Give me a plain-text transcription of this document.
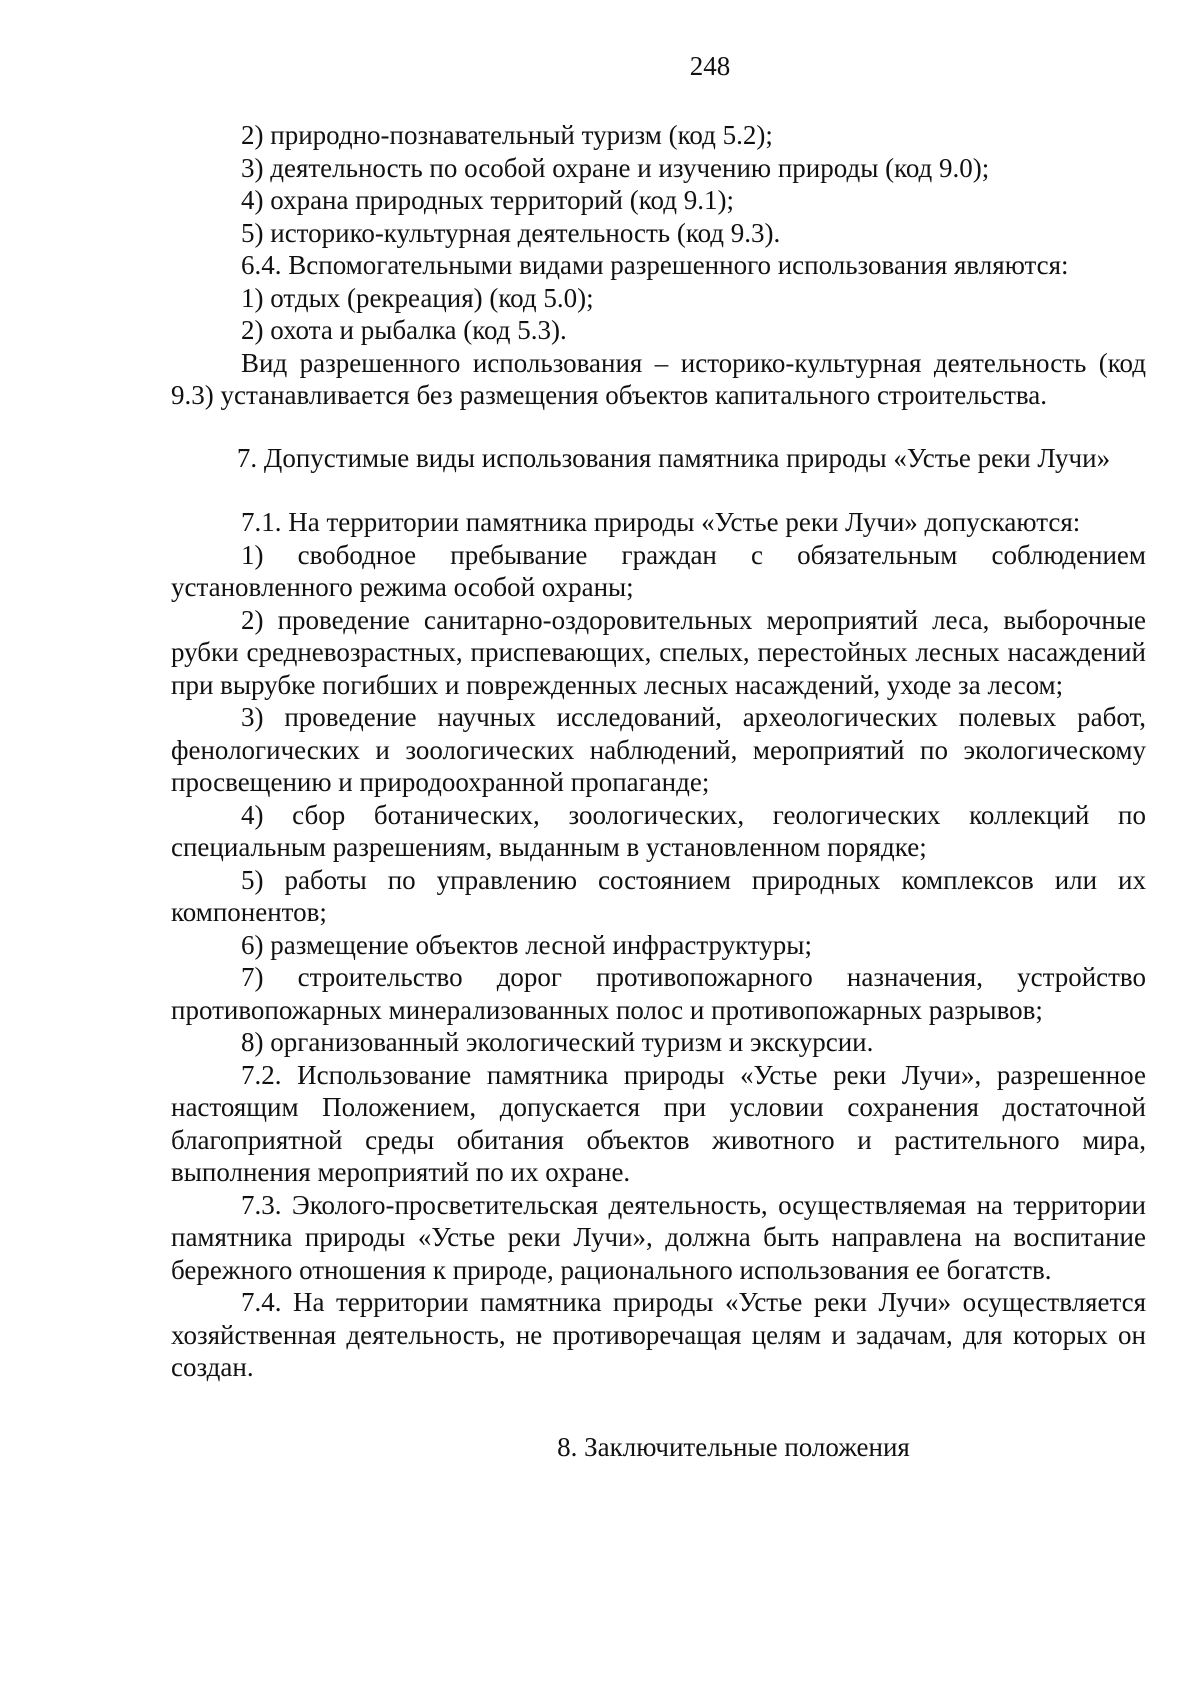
248

2) природно-познавательный туризм (код 5.2);

3) деятельность по особой охране и изучению природы (код 9.0);

4) охрана природных территорий (код 9.1);

5) историко-культурная деятельность (код 9.3).

6.4. Вспомогательными видами разрешенного использования являются:

1) отдых (рекреация) (код 5.0);

2) охота и рыбалка (код 5.3).

Вид разрешенного использования – историко-культурная деятельность (код 9.3) устанавливается без размещения объектов капитального строительства.

7. Допустимые виды использования памятника природы «Устье реки Лучи»

7.1. На территории памятника природы «Устье реки Лучи» допускаются:

1) свободное пребывание граждан с обязательным соблюдением установленного режима особой охраны;

2) проведение санитарно-оздоровительных мероприятий леса, выборочные рубки средневозрастных, приспевающих, спелых, перестойных лесных насаждений при вырубке погибших и поврежденных лесных насаждений, уходе за лесом;

3) проведение научных исследований, археологических полевых работ, фенологических и зоологических наблюдений, мероприятий по экологическому просвещению и природоохранной пропаганде;

4) сбор ботанических, зоологических, геологических коллекций по специальным разрешениям, выданным в установленном порядке;

5) работы по управлению состоянием природных комплексов или их компонентов;

6) размещение объектов лесной инфраструктуры;

7) строительство дорог противопожарного назначения, устройство противопожарных минерализованных полос и противопожарных разрывов;

8) организованный экологический туризм и экскурсии.

7.2. Использование памятника природы «Устье реки Лучи», разрешенное настоящим Положением, допускается при условии сохранения достаточной благоприятной среды обитания объектов животного и растительного мира, выполнения мероприятий по их охране.

7.3. Эколого-просветительская деятельность, осуществляемая на территории памятника природы «Устье реки Лучи», должна быть направлена на воспитание бережного отношения к природе, рационального использования ее богатств.

7.4. На территории памятника природы «Устье реки Лучи» осуществляется хозяйственная деятельность, не противоречащая целям и задачам, для которых он создан.

8. Заключительные положения
